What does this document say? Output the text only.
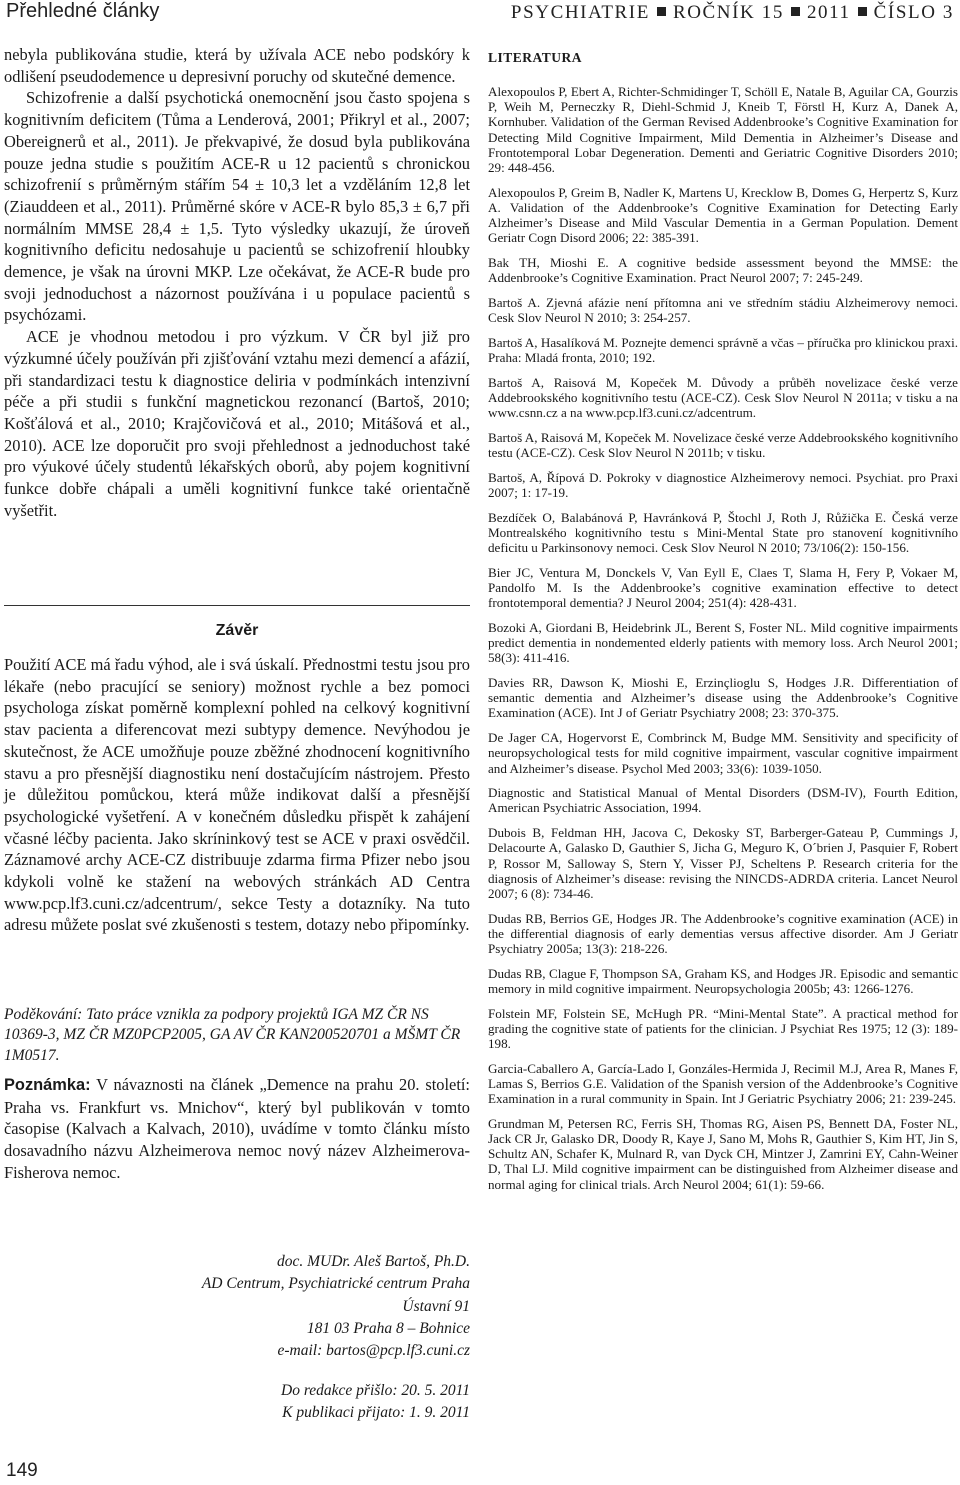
Přehledné články	PSYCHIATRIE ROČNÍK 15 2011 ČÍSLO 3

nebyla publikována studie, která by užívala ACE nebo podskóry k odlišení pseudodemence u depresivní poruchy od skutečné demence.

Schizofrenie a další psychotická onemocnění jsou často spojena s kognitivním deficitem (Tůma a Lenderová, 2001; Přikryl et al., 2007; Obereignerů et al., 2011). Je překvapivé, že dosud byla publikována pouze jedna studie s použitím ACE-R u 12 pacientů s chronickou schizofrenií s průměrným stářím 54 ± 10,3 let a vzděláním 12,8 let (Ziauddeen et al., 2011). Průměrné skóre v ACE-R bylo 85,3 ± 6,7 při normálním MMSE 28,4 ± 1,5. Tyto výsledky ukazují, že úroveň kognitivního deficitu nedosahuje u pacientů se schizofrenií hloubky demence, je však na úrovni MKP. Lze očekávat, že ACE-R bude pro svoji jednoduchost a názornost používána i u populace pacientů s psychózami.

ACE je vhodnou metodou i pro výzkum. V ČR byl již pro výzkumné účely používán při zjišťování vztahu mezi demencí a afázií, při standardizaci testu k diagnostice deliria v podmínkách intenzivní péče a při studii s funkční magnetickou rezonancí (Bartoš, 2010; Košťálová et al., 2010; Krajčovičová et al., 2010; Mitášová et al., 2010). ACE lze doporučit pro svoji přehlednost a jednoduchost také pro výukové účely studentů lékařských oborů, aby pojem kognitivní funkce dobře chápali a uměli kognitivní funkce také orientačně vyšetřit.

Závěr

Použití ACE má řadu výhod, ale i svá úskalí. Přednostmi testu jsou pro lékaře (nebo pracující se seniory) možnost rychle a bez pomoci psychologa získat poměrně komplexní pohled na celkový kognitivní stav pacienta a diferencovat mezi subtypy demence. Nevýhodou je skutečnost, že ACE umožňuje pouze zběžné zhodnocení kognitivního stavu a pro přesnější diagnostiku není dostačujícím nástrojem. Přesto je důležitou pomůckou, která může indikovat další a přesnější psychologické vyšetření. A v konečném důsledku přispět k zahájení včasné léčby pacienta. Jako skríninkový test se ACE v praxi osvědčil. Záznamové archy ACE-CZ distribuuje zdarma firma Pfizer nebo jsou kdykoli volně ke stažení na webových stránkách AD Centra www.pcp.lf3.cuni.cz/adcentrum/, sekce Testy a dotazníky. Na tuto adresu můžete poslat své zkušenosti s testem, dotazy nebo připomínky.

Poděkování: Tato práce vznikla za podpory projektů IGA MZ ČR NS 10369-3, MZ ČR MZ0PCP2005, GA AV ČR KAN200520701 a MŠMT ČR 1M0517.

Poznámka: V návaznosti na článek „Demence na prahu 20. století: Praha vs. Frankfurt vs. Mnichov“, který byl publikován v tomto časopise (Kalvach a Kalvach, 2010), uvádíme v tomto článku místo dosavadního názvu Alzheimerova nemoc nový název Alzheimerova-Fisherova nemoc.

doc. MUDr. Aleš Bartoš, Ph.D.
AD Centrum, Psychiatrické centrum Praha
Ústavní 91
181 03 Praha 8 – Bohnice
e-mail: bartos@pcp.lf3.cuni.cz
Do redakce přišlo: 20. 5. 2011
K publikaci přijato: 1. 9. 2011
LITERATURA

Alexopoulos P, Ebert A, Richter-Schmidinger T, Schöll E, Natale B, Aguilar CA, Gourzis P, Weih M, Perneczky R, Diehl-Schmid J, Kneib T, Förstl H, Kurz A, Danek A, Kornhuber. Validation of the German Revised Addenbrooke’s Cognitive Examination for Detecting Mild Cognitive Impairment, Mild Dementia in Alzheimer’s Disease and Frontotemporal Lobar Degeneration. Dementi and Geriatric Cognitive Disorders 2010; 29: 448-456.

Alexopoulos P, Greim B, Nadler K, Martens U, Krecklow B, Domes G, Herpertz S, Kurz A. Validation of the Addenbrooke’s Cognitive Examination for Detecting Early Alzheimer’s Disease and Mild Vascular Dementia in a German Population. Dement Geriatr Cogn Disord 2006; 22: 385-391.

Bak TH, Mioshi E. A cognitive bedside assessment beyond the MMSE: the Addenbrooke’s Cognitive Examination. Pract Neurol 2007; 7: 245-249.

Bartoš A. Zjevná afázie není přítomna ani ve středním stádiu Alzheimerovy nemoci. Cesk Slov Neurol N 2010; 3: 254-257.

Bartoš A, Hasalíková M. Poznejte demenci správně a včas – příručka pro klinickou praxi. Praha: Mladá fronta, 2010; 192.

Bartoš A, Raisová M, Kopeček M. Důvody a průběh novelizace české verze Addebrookského kognitivního testu (ACE-CZ). Cesk Slov Neurol N 2011a; v tisku a na www.csnn.cz a na www.pcp.lf3.cuni.cz/adcentrum.

Bartoš A, Raisová M, Kopeček M. Novelizace české verze Addebrookského kognitivního testu (ACE-CZ). Cesk Slov Neurol N 2011b; v tisku.

Bartoš, A, Řípová D. Pokroky v diagnostice Alzheimerovy nemoci. Psychiat. pro Praxi 2007; 1: 17-19.

Bezdíček O, Balabánová P, Havránková P, Štochl J, Roth J, Růžička E. Česká verze Montrealského kognitivního testu s Mini-Mental State pro stanovení kognitivního deficitu u Parkinsonovy nemoci. Cesk Slov Neurol N 2010; 73/106(2): 150-156.

Bier JC, Ventura M, Donckels V, Van Eyll E, Claes T, Slama H, Fery P, Vokaer M, Pandolfo M. Is the Addenbrooke’s cognitive examination effective to detect frontotemporal dementia? J Neurol 2004; 251(4): 428-431.

Bozoki A, Giordani B, Heidebrink JL, Berent S, Foster NL. Mild cognitive impairments predict dementia in nondemented elderly patients with memory loss. Arch Neurol 2001; 58(3): 411-416.

Davies RR, Dawson K, Mioshi E, Erzinçlioglu S, Hodges J.R. Differentiation of semantic dementia and Alzheimer’s disease using the Addenbrooke’s Cognitive Examination (ACE). Int J of Geriatr Psychiatry 2008; 23: 370-375.

De Jager CA, Hogervorst E, Combrinck M, Budge MM. Sensitivity and specificity of neuropsychological tests for mild cognitive impairment, vascular cognitive impairment and Alzheimer’s disease. Psychol Med 2003; 33(6): 1039-1050.

Diagnostic and Statistical Manual of Mental Disorders (DSM-IV), Fourth Edition, American Psychiatric Association, 1994.

Dubois B, Feldman HH, Jacova C, Dekosky ST, Barberger-Gateau P, Cummings J, Delacourte A, Galasko D, Gauthier S, Jicha G, Meguro K, O´brien J, Pasquier F, Robert P, Rossor M, Salloway S, Stern Y, Visser PJ, Scheltens P. Research criteria for the diagnosis of Alzheimer’s disease: revising the NINCDS-ADRDA criteria. Lancet Neurol 2007; 6 (8): 734-46.

Dudas RB, Berrios GE, Hodges JR. The Addenbrooke’s cognitive examination (ACE) in the differential diagnosis of early dementias versus affective disorder. Am J Geriatr Psychiatry 2005a; 13(3): 218-226.

Dudas RB, Clague F, Thompson SA, Graham KS, and Hodges JR. Episodic and semantic memory in mild cognitive impairment. Neuropsychologia 2005b; 43: 1266-1276.

Folstein MF, Folstein SE, McHugh PR. “Mini-Mental State”. A practical method for grading the cognitive state of patients for the clinician. J Psychiat Res 1975; 12 (3): 189-198.

Garcia-Caballero A, García-Lado I, Gonzáles-Hermida J, Recimil M.J, Area R, Manes F, Lamas S, Berrios G.E. Validation of the Spanish version of the Addenbrooke’s Cognitive Examination in a rural community in Spain. Int J Geriatric Psychiatry 2006; 21: 239-245.

Grundman M, Petersen RC, Ferris SH, Thomas RG, Aisen PS, Bennett DA, Foster NL, Jack CR Jr, Galasko DR, Doody R, Kaye J, Sano M, Mohs R, Gauthier S, Kim HT, Jin S, Schultz AN, Schafer K, Mulnard R, van Dyck CH, Mintzer J, Zamrini EY, Cahn-Weiner D, Thal LJ. Mild cognitive impairment can be distinguished from Alzheimer disease and normal aging for clinical trials. Arch Neurol 2004; 61(1): 59-66.

149
